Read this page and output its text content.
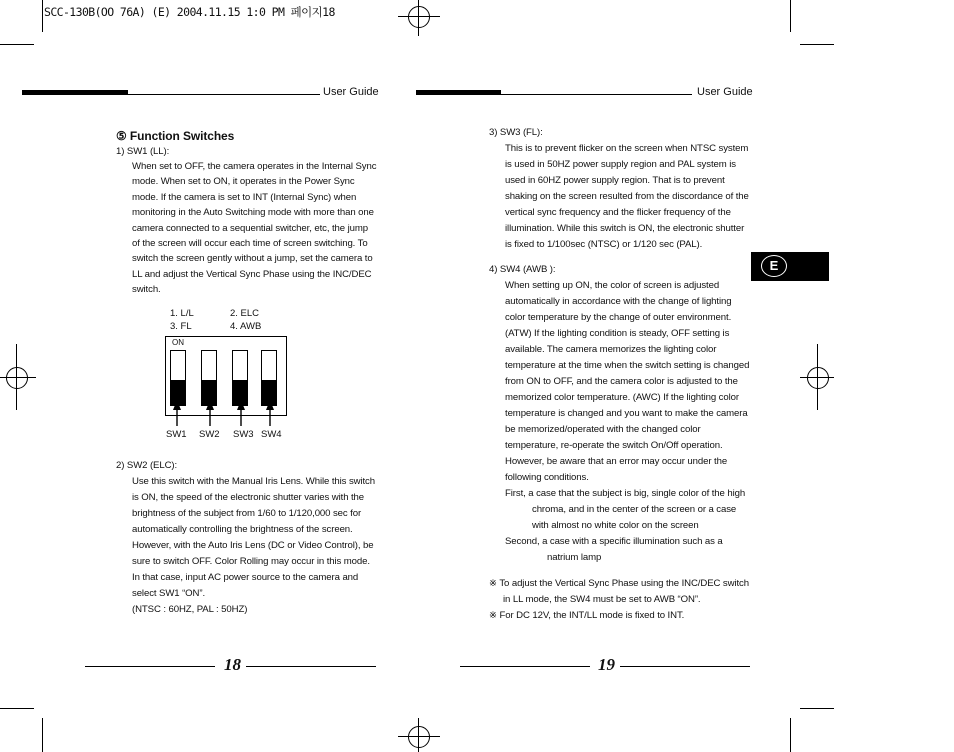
SCC-130B(OO 76A) (E) 2004.11.15 1:0 PM 페이지18
User Guide
⑤ Function Switches
1) SW1 (LL):
When set to OFF, the camera operates in the Internal Sync mode. When set to ON, it operates in the Power Sync mode. If the camera is set to INT (Internal Sync) when monitoring in the Auto Switching mode with more than one camera connected to a sequential switcher, etc, the jump of the screen will occur each time of screen switching. To switch the screen gently without a jump, set the camera to LL and adjust the Vertical Sync Phase using the INC/DEC switch.
1. L/L	2. ELC
3. FL	4. AWB
ON
SW1 SW2 SW3 SW4
2) SW2 (ELC):
Use this switch with the Manual Iris Lens. While this switch is ON, the speed of the electronic shutter varies with the brightness of the subject from 1/60 to 1/120,000 sec for automatically controlling the brightness of the screen. However, with the Auto Iris Lens (DC or Video Control), be sure to switch OFF. Color Rolling may occur in this mode.
In that case, input AC power source to the camera and select SW1 “ON”.
(NTSC : 60HZ, PAL : 50HZ)
18
User Guide
3) SW3 (FL):
This is to prevent flicker on the screen when NTSC system is used in 50HZ power supply region and PAL system is used in 60HZ power supply region. That is to prevent shaking on the screen resulted from the discordance of the vertical sync frequency and the flicker frequency of the illumination. While this switch is ON, the electronic shutter is fixed to 1/100sec (NTSC) or 1/120 sec (PAL).
4) SW4 (AWB ):
When setting up ON, the color of screen is adjusted automatically in accordance with the change of lighting color temperature by the change of outer environment. (ATW) If the lighting condition is steady, OFF setting is available. The camera memorizes the lighting color temperature at the time when the switch setting is changed from ON to OFF, and the camera color is adjusted to the memorized color temperature. (AWC) If the lighting color temperature is changed and you want to make the camera be memorized/operated with the changed color temperature, re-operate the switch On/Off operation. However, be aware that an error may occur under the following conditions.
First, a case that the subject is big, single color of the high chroma, and in the center of the screen or a case with almost no white color on the screen
Second, a case with a specific illumination such as a natrium lamp
※ To adjust the Vertical Sync Phase using the INC/DEC switch in LL mode, the SW4 must be set to AWB “ON”.
※ For DC 12V, the INT/LL mode is fixed to INT.
E
19
